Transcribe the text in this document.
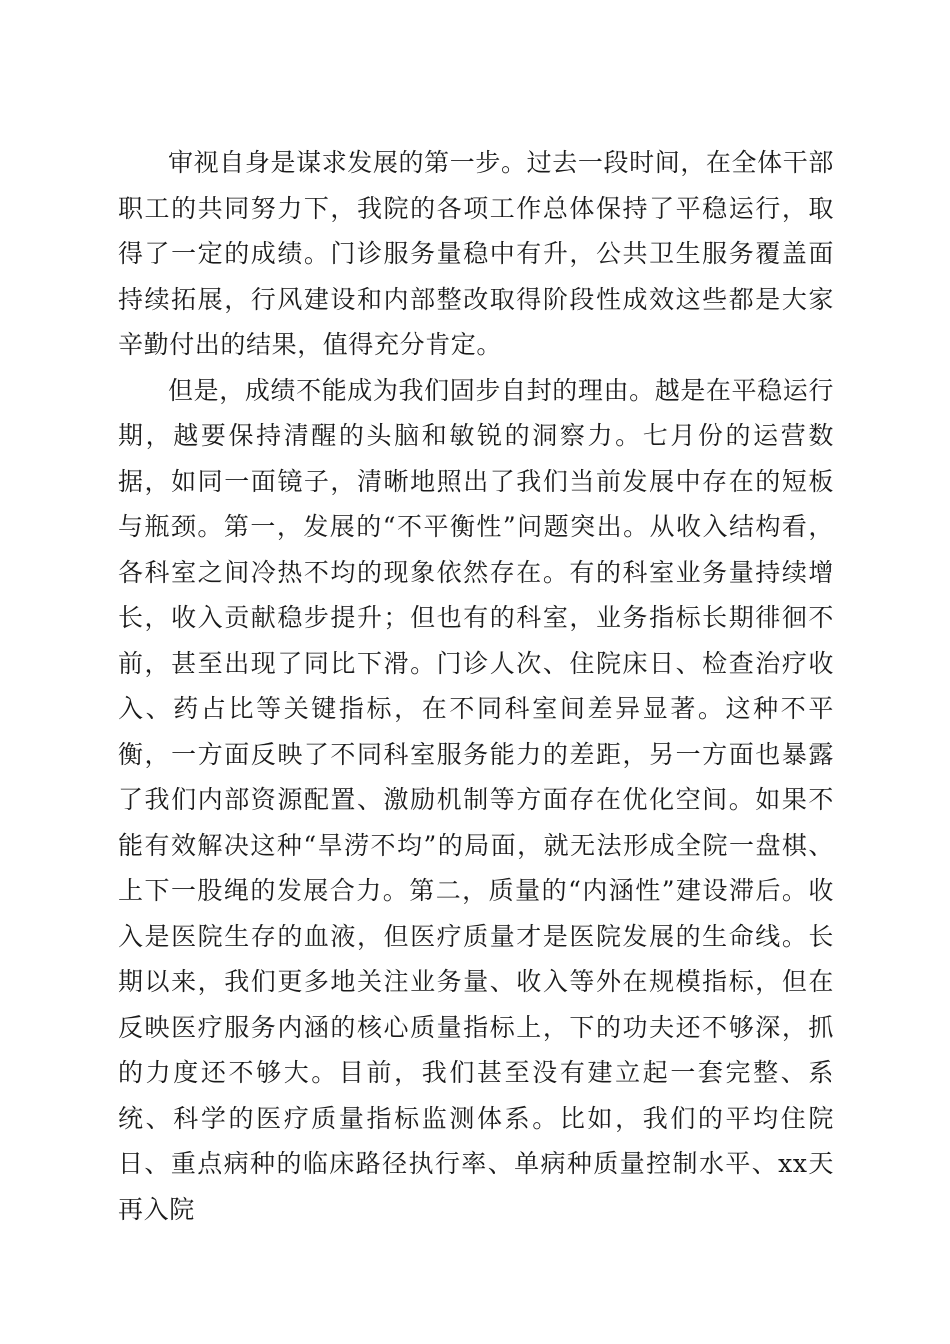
审视自身是谋求发展的第一步。过去一段时间，在全体干部职工的共同努力下，我院的各项工作总体保持了平稳运行，取得了一定的成绩。门诊服务量稳中有升，公共卫生服务覆盖面持续拓展，行风建设和内部整改取得阶段性成效这些都是大家辛勤付出的结果，值得充分肯定。

但是，成绩不能成为我们固步自封的理由。越是在平稳运行期，越要保持清醒的头脑和敏锐的洞察力。七月份的运营数据，如同一面镜子，清晰地照出了我们当前发展中存在的短板与瓶颈。第一，发展的“不平衡性”问题突出。从收入结构看，各科室之间冷热不均的现象依然存在。有的科室业务量持续增长，收入贡献稳步提升；但也有的科室，业务指标长期徘徊不前，甚至出现了同比下滑。门诊人次、住院床日、检查治疗收入、药占比等关键指标，在不同科室间差异显著。这种不平衡，一方面反映了不同科室服务能力的差距，另一方面也暴露了我们内部资源配置、激励机制等方面存在优化空间。如果不能有效解决这种“旱涝不均”的局面，就无法形成全院一盘棋、上下一股绳的发展合力。第二，质量的“内涵性”建设滞后。收入是医院生存的血液，但医疗质量才是医院发展的生命线。长期以来，我们更多地关注业务量、收入等外在规模指标，但在反映医疗服务内涵的核心质量指标上，下的功夫还不够深，抓的力度还不够大。目前，我们甚至没有建立起一套完整、系统、科学的医疗质量指标监测体系。比如，我们的平均住院日、重点病种的临床路径执行率、单病种质量控制水平、xx天再入院
